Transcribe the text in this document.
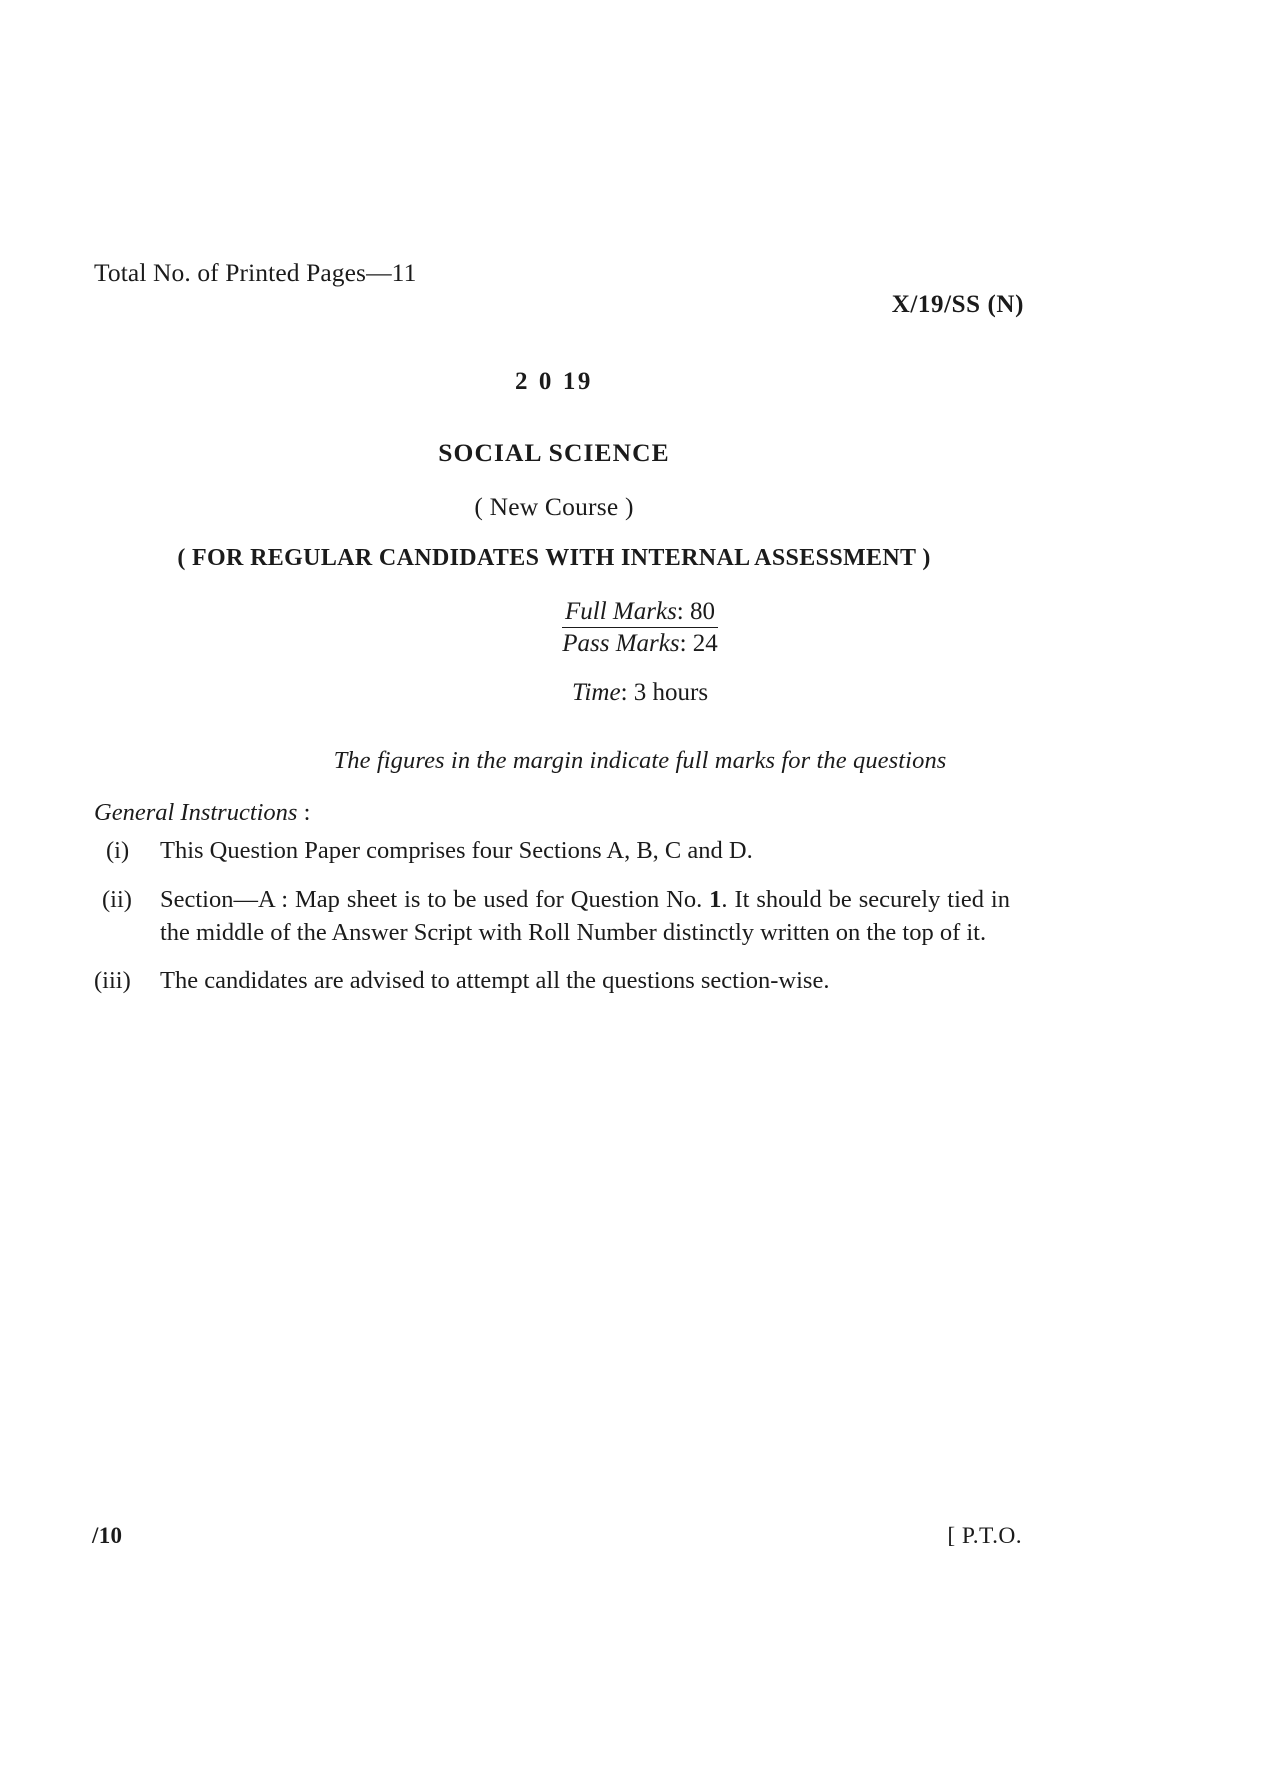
Total No. of Printed Pages—11
X/19/SS (N)
2 0 19
SOCIAL SCIENCE
( New Course )
( FOR REGULAR CANDIDATES WITH INTERNAL ASSESSMENT )
Full Marks: 80
Pass Marks: 24
Time: 3 hours
The figures in the margin indicate full marks for the questions
General Instructions :
(i)	This Question Paper comprises four Sections A, B, C and D.
(ii)	Section—A : Map sheet is to be used for Question No. 1. It should be securely tied in the middle of the Answer Script with Roll Number distinctly written on the top of it.
(iii)	The candidates are advised to attempt all the questions section-wise.
/10	[ P.T.O.
